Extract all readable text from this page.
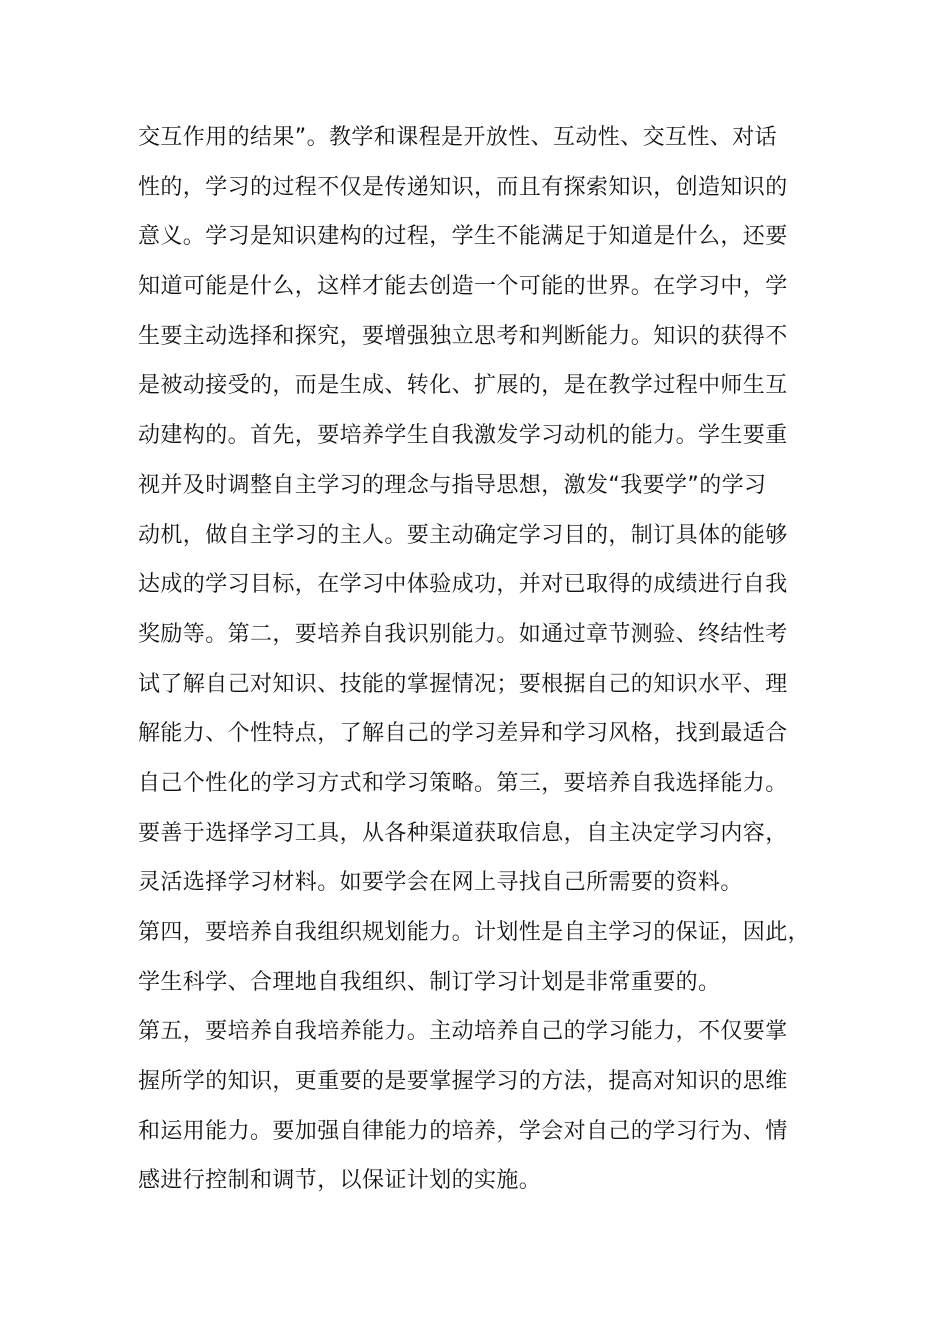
交互作用的结果”。教学和课程是开放性、互动性、交互性、对话
性的，学习的过程不仅是传递知识，而且有探索知识，创造知识的
意义。学习是知识建构的过程，学生不能满足于知道是什么，还要
知道可能是什么，这样才能去创造一个可能的世界。在学习中，学
生要主动选择和探究，要增强独立思考和判断能力。知识的获得不
是被动接受的，而是生成、转化、扩展的，是在教学过程中师生互
动建构的。首先，要培养学生自我激发学习动机的能力。学生要重
视并及时调整自主学习的理念与指导思想，激发“我要学”的学习
动机，做自主学习的主人。要主动确定学习目的，制订具体的能够
达成的学习目标，在学习中体验成功，并对已取得的成绩进行自我
奖励等。第二，要培养自我识别能力。如通过章节测验、终结性考
试了解自己对知识、技能的掌握情况；要根据自己的知识水平、理
解能力、个性特点，了解自己的学习差异和学习风格，找到最适合
自己个性化的学习方式和学习策略。第三，要培养自我选择能力。
要善于选择学习工具，从各种渠道获取信息，自主决定学习内容，
灵活选择学习材料。如要学会在网上寻找自己所需要的资料。
第四，要培养自我组织规划能力。计划性是自主学习的保证，因此，
学生科学、合理地自我组织、制订学习计划是非常重要的。
第五，要培养自我培养能力。主动培养自己的学习能力，不仅要掌
握所学的知识，更重要的是要掌握学习的方法，提高对知识的思维
和运用能力。要加强自律能力的培养，学会对自己的学习行为、情
感进行控制和调节，以保证计划的实施。
